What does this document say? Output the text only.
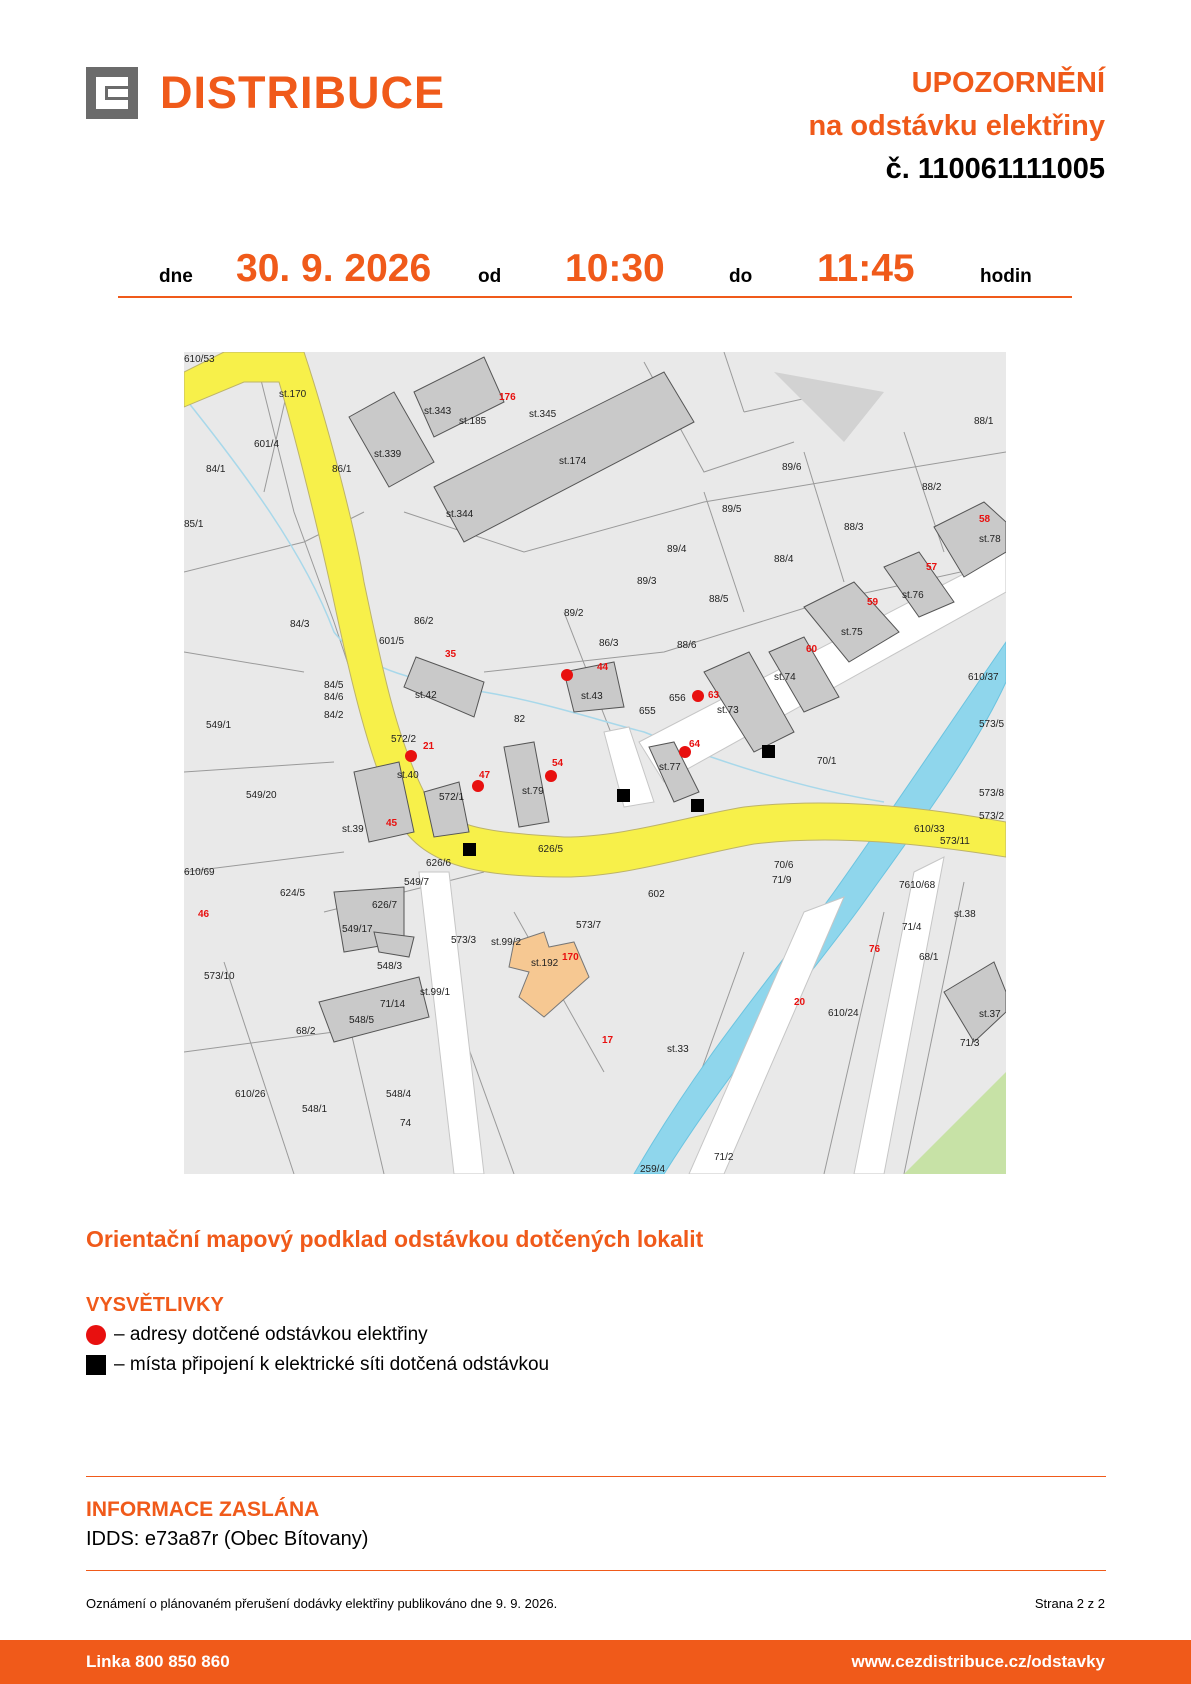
DISTRIBUCE	UPOZORNĚNÍ
na odstávku elektřiny
č. 110061111005
dne 30. 9. 2026 od 10:30	do 11:45	hodin
st.170
601/4
84/1	86/1
85/1
st.343
st.185
176
st.345
st.339
st.174
st.344
88/1
89/6
88/2
89/5
88/3
58
st.78
89/4
57
88/4
st.76
89/3
88/5	59
89/2
st.75
84/3	86/2
601/5	86/3	88/6	60
35
44
st.74	610/37
84/5
84/6	st.42	st.43	63
656
655	st.73
84/2	82	573/5
549/1
572/2
21	64
st.40	47
54	70/1
549/20
st.77
572/1
st.79	573/8
573/2
st.39
45
610/33
573/11
626/6
626/5
70/6
610/69
549/7	71/9	7610/68
624/5	602
626/7
46
549/17
st.38
573/7	71/4
573/3 st.99/2
170
76
68/1
573/10
548/3	st.192
st.99/1
71/14	20
610/24
68/2
548/5
st.37
17	71/3
st.33
610/26
548/1
548/4
74
71/2
259/4
610/53
Orientační mapový podklad odstávkou dotčených lokalit
VYSVĚTLIVKY
– adresy dotčené odstávkou elektřiny
– místa připojení k elektrické síti dotčená odstávkou
INFORMACE ZASLÁNA
IDDS: e73a87r (Obec Bítovany)
Oznámení o plánovaném přerušení dodávky elektřiny publikováno dne 9. 9. 2026.	Strana 2 z 2
Linka 800 850 860	www.cezdistribuce.cz/odstavky
